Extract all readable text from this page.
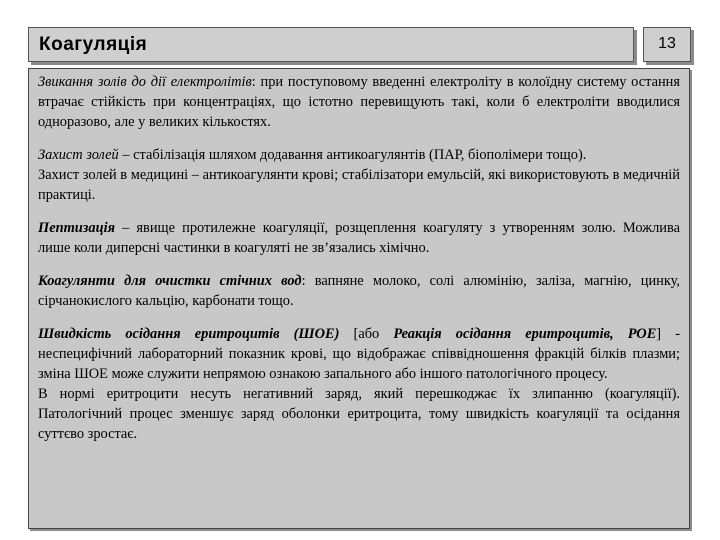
Коагуляція	13

Звикання золів до дії електролітів: при поступовому введенні електроліту в колоїдну систему остання втрачає стійкість при концентраціях, що істотно перевищують такі, коли б електроліти вводилися одноразово, але у великих кількостях.

Захист золей – стабілізація шляхом додавання антикоагулянтів (ПАР, біополімери тощо).
Захист золей в медицині – антикоагулянти крові; стабілізатори емульсій, які використовують в медичній практиці.

Пептизація – явище протилежне коагуляції, розщеплення коагуляту з утворенням золю. Можлива лише коли диперсні частинки в коагуляті не зв’язались хімічно.

Коагулянти для очистки стічних вод: вапняне молоко, солі алюмінію, заліза, магнію, цинку, сірчанокислого кальцію, карбонати тощо.

Швидкість осідання еритроцитів (ШОЕ) [або Реакція осідання еритроцитів, РОЕ] - неспецифічний лабораторний показник крові, що відображає співвідношення фракцій білків плазми; зміна ШОЕ може служити непрямою ознакою запального або іншого патологічного процесу.
В нормі еритроцити несуть негативний заряд, який перешкоджає їх злипанню (коагуляції). Патологічний процес зменшує заряд оболонки еритроцита, тому швидкість коагуляції та осідання суттєво зростає.
